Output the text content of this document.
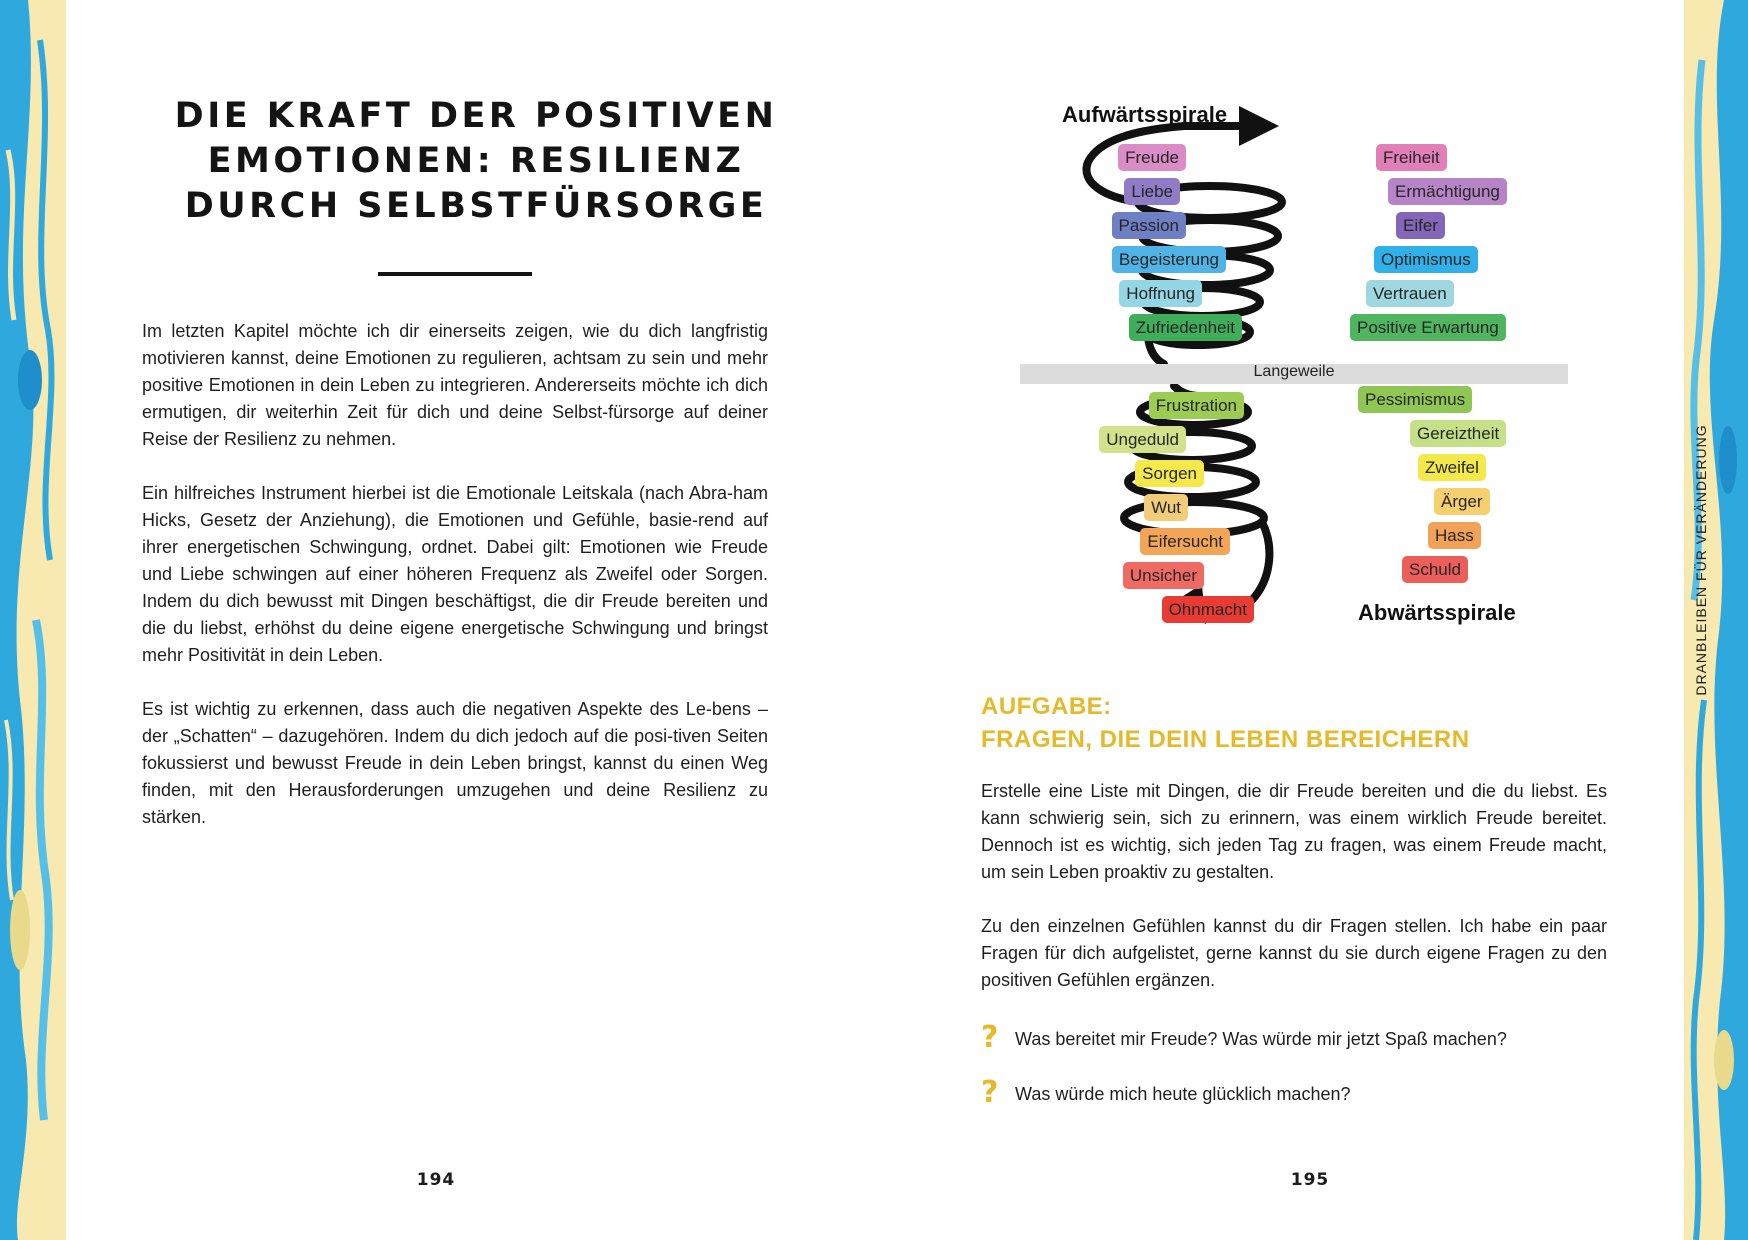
DIE KRAFT DER POSITIVEN
EMOTIONEN: RESILIENZ
DURCH SELBSTFÜRSORGE

Im letzten Kapitel möchte ich dir einerseits zeigen, wie du dich langfristig motivieren kannst, deine Emotionen zu regulieren, achtsam zu sein und mehr positive Emotionen in dein Leben zu integrieren. Andererseits möchte ich dich ermutigen, dir weiterhin Zeit für dich und deine Selbst-fürsorge auf deiner Reise der Resilienz zu nehmen.

Ein hilfreiches Instrument hierbei ist die Emotionale Leitskala (nach Abra-ham Hicks, Gesetz der Anziehung), die Emotionen und Gefühle, basie-rend auf ihrer energetischen Schwingung, ordnet. Dabei gilt: Emotionen wie Freude und Liebe schwingen auf einer höheren Frequenz als Zweifel oder Sorgen. Indem du dich bewusst mit Dingen beschäftigst, die dir Freude bereiten und die du liebst, erhöhst du deine eigene energetische Schwingung und bringst mehr Positivität in dein Leben.

Es ist wichtig zu erkennen, dass auch die negativen Aspekte des Le-bens – der „Schatten“ – dazugehören. Indem du dich jedoch auf die posi-tiven Seiten fokussierst und bewusst Freude in dein Leben bringst, kannst du einen Weg finden, mit den Herausforderungen umzugehen und deine Resilienz zu stärken.

194
Aufwärtsspirale
Abwärtsspirale
Langeweile
Freude
Liebe
Passion
Begeisterung
Hoffnung
Zufriedenheit
Freiheit
Ermächtigung
Eifer
Optimismus
Vertrauen
Positive Erwartung
Frustration
Ungeduld
Sorgen
Wut
Eifersucht
Unsicher
Ohnmacht
Pessimismus
Gereiztheit
Zweifel
Ärger
Hass
Schuld
AUFGABE:
FRAGEN, DIE DEIN LEBEN BEREICHERN

Erstelle eine Liste mit Dingen, die dir Freude bereiten und die du liebst. Es kann schwierig sein, sich zu erinnern, was einem wirklich Freude bereitet. Dennoch ist es wichtig, sich jeden Tag zu fragen, was einem Freude macht, um sein Leben proaktiv zu gestalten.

Zu den einzelnen Gefühlen kannst du dir Fragen stellen. Ich habe ein paar Fragen für dich aufgelistet, gerne kannst du sie durch eigene Fragen zu den positiven Gefühlen ergänzen.

? Was bereitet mir Freude? Was würde mir jetzt Spaß machen?
? Was würde mich heute glücklich machen?
195
DRANBLEIBEN FÜR VERÄNDERUNG
